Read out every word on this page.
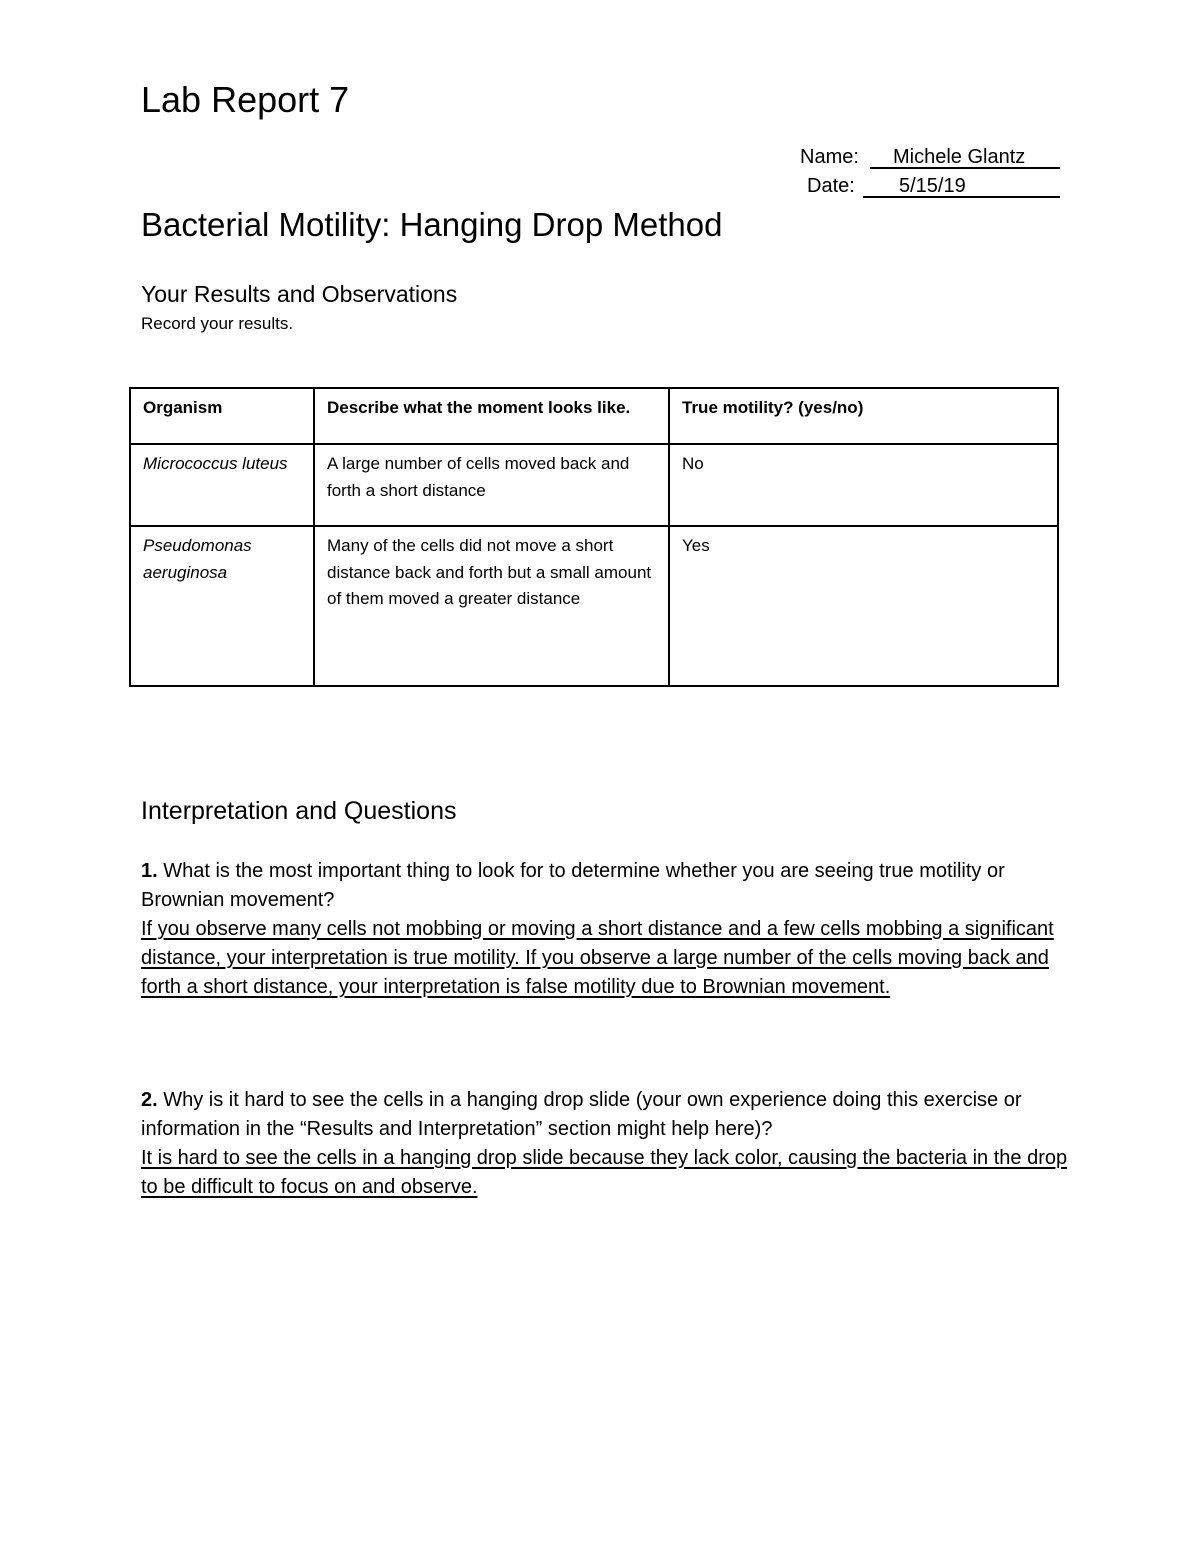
Lab Report 7
Name: Michele Glantz
Date: 5/15/19
Bacterial Motility: Hanging Drop Method
Your Results and Observations
Record your results.
Organism	Describe what the moment looks like.	True motility? (yes/no)
Micrococcus luteus	A large number of cells moved back and forth a short distance	No
Pseudomonas aeruginosa	Many of the cells did not move a short distance back and forth but a small amount of them moved a greater distance	Yes
Interpretation and Questions
1. What is the most important thing to look for to determine whether you are seeing true motility or Brownian movement?
If you observe many cells not mobbing or moving a short distance and a few cells mobbing a significant distance, your interpretation is true motility. If you observe a large number of the cells moving back and forth a short distance, your interpretation is false motility due to Brownian movement.
2. Why is it hard to see the cells in a hanging drop slide (your own experience doing this exercise or information in the “Results and Interpretation” section might help here)?
It is hard to see the cells in a hanging drop slide because they lack color, causing the bacteria in the drop to be difficult to focus on and observe.
